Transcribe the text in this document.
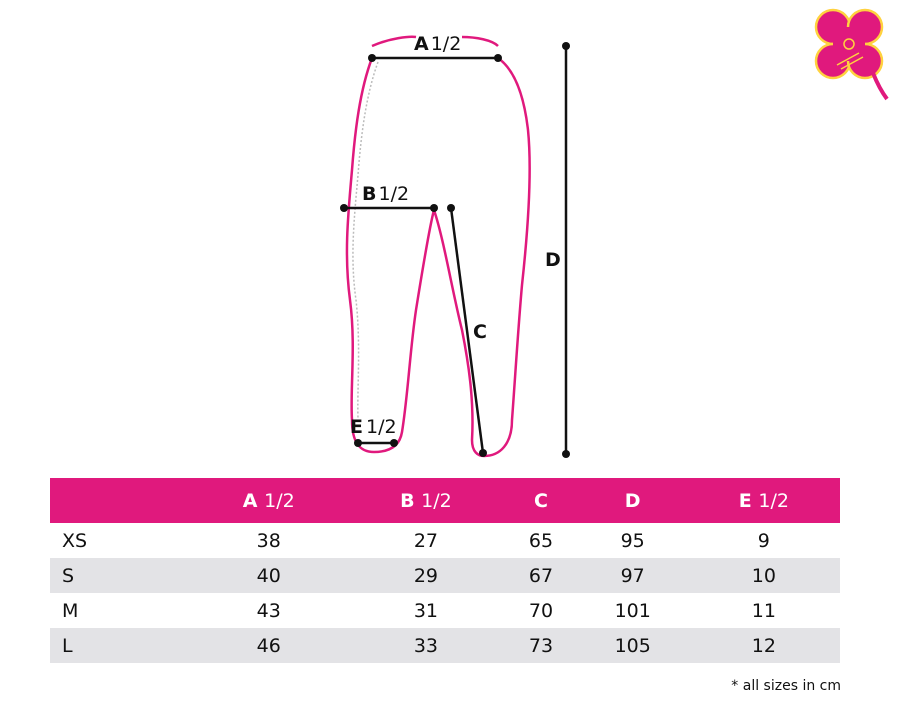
A 1/2
B 1/2
C
D
E 1/2
	A 1/2	B 1/2	C	D	E 1/2
XS	38	27	65	95	9
S	40	29	67	97	10
M	43	31	70	101	11
L	46	33	73	105	12
* all sizes in cm
